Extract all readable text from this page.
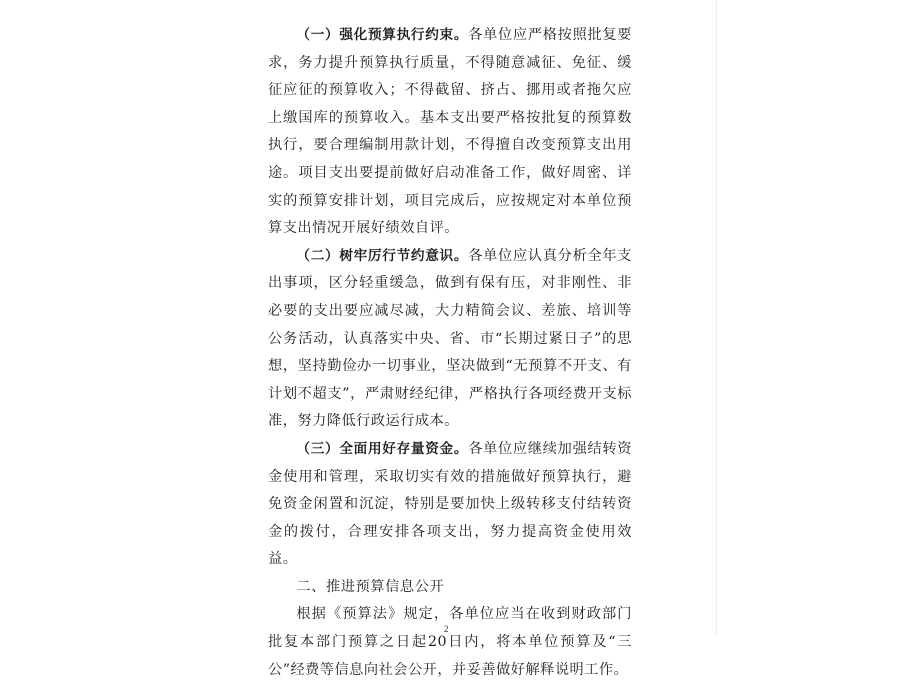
（一）强化预算执行约束。各单位应严格按照批复要求，务力提升预算执行质量，不得随意减征、免征、缓征应征的预算收入；不得截留、挤占、挪用或者拖欠应上缴国库的预算收入。基本支出要严格按批复的预算数执行，要合理编制用款计划，不得擅自改变预算支出用途。项目支出要提前做好启动准备工作，做好周密、详实的预算安排计划，项目完成后，应按规定对本单位预算支出情况开展好绩效自评。

（二）树牢厉行节约意识。各单位应认真分析全年支出事项，区分轻重缓急，做到有保有压，对非刚性、非必要的支出要应减尽减，大力精简会议、差旅、培训等公务活动，认真落实中央、省、市“长期过紧日子”的思想，坚持勤俭办一切事业，坚决做到“无预算不开支、有计划不超支”，严肃财经纪律，严格执行各项经费开支标准，努力降低行政运行成本。

（三）全面用好存量资金。各单位应继续加强结转资金使用和管理，采取切实有效的措施做好预算执行，避免资金闲置和沉淀，特别是要加快上级转移支付结转资金的拨付，合理安排各项支出，努力提高资金使用效益。

二、推进预算信息公开

根据《预算法》规定，各单位应当在收到财政部门批复本部门预算之日起20日内，将本单位预算及“三公”经费等信息向社会公开，并妥善做好解释说明工作。

2
